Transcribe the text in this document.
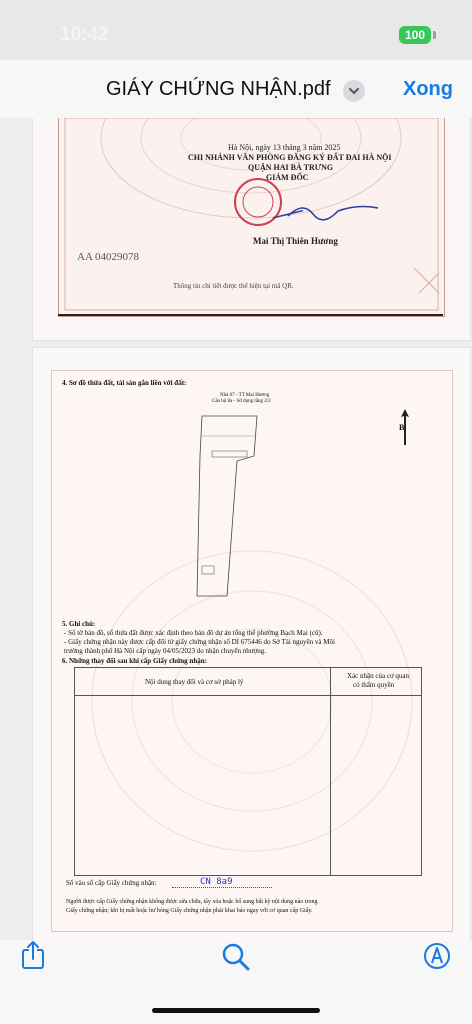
10:42	100
GIÁY CHỨNG NHẬN.pdf	Xong
Hà Nội, ngày 13 tháng 3 năm 2025
CHI NHÁNH VĂN PHÒNG ĐĂNG KÝ ĐẤT ĐAI HÀ NỘI
QUẬN HAI BÀ TRƯNG
GIÁM ĐỐC
Mai Thị Thiên Hương
AA 04029078
Thông tin chi tiết được thể hiện tại mã QR.
4. Sơ đồ thửa đất, tài sản gắn liền với đất:
Nhà 67 - TT Mai Hương
Căn hộ 8a - Sử dụng tầng 2/2
B
5. Ghi chú:
- Số tờ bản đồ, số thửa đất được xác định theo bản đồ dự án tổng thể phường Bạch Mai (cũ).
- Giấy chứng nhận này được cấp đổi từ giấy chứng nhận số DI 675446 do Sở Tài nguyên và Môi
trường thành phố Hà Nội cấp ngày 04/05/2023 do nhận chuyển nhượng.
6. Những thay đổi sau khi cấp Giấy chứng nhận:
Nội dung thay đổi và cơ sở pháp lý
Xác nhận của cơ quan
có thẩm quyền
Số vào sổ cấp Giấy chứng nhận:	CN 8a9
Người được cấp Giấy chứng nhận không được sửa chữa, tẩy xóa hoặc bổ sung bất kỳ nội dung nào trong
Giấy chứng nhận; khi bị mất hoặc hư hỏng Giấy chứng nhận phải khai báo ngay với cơ quan cấp Giấy.
